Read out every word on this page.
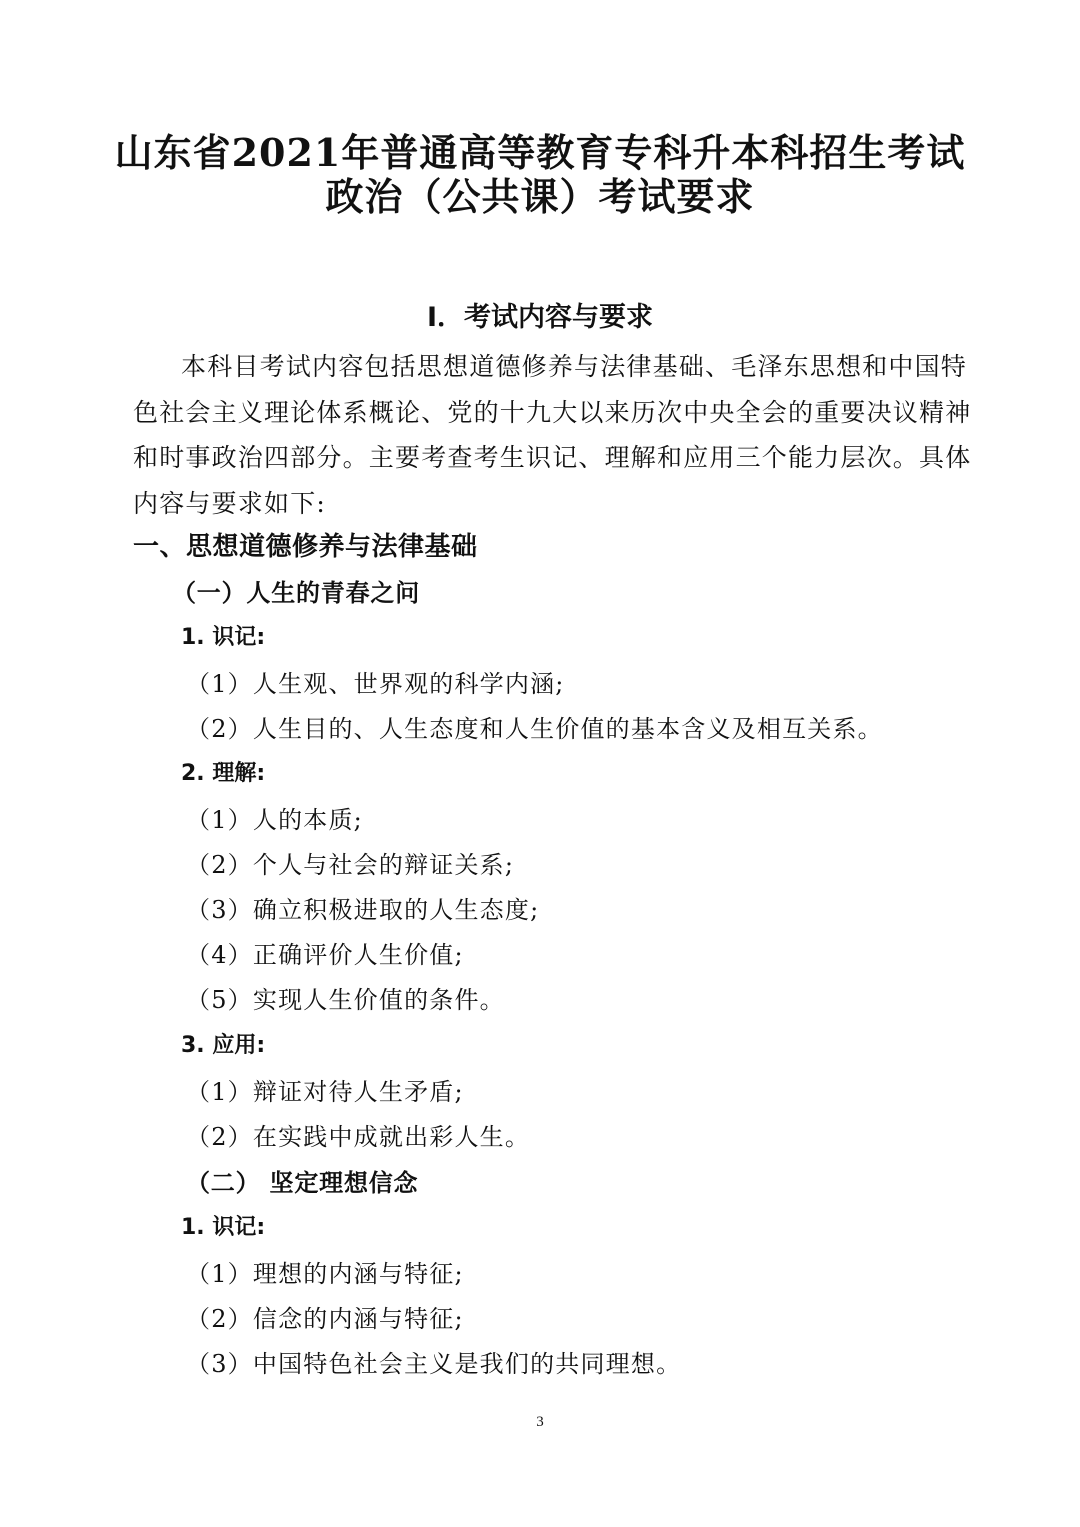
山东省2021年普通高等教育专科升本科招生考试
政治（公共课）考试要求
I．考试内容与要求
本科目考试内容包括思想道德修养与法律基础、毛泽东思想和中国特
色社会主义理论体系概论、党的十九大以来历次中央全会的重要决议精神
和时事政治四部分。主要考查考生识记、理解和应用三个能力层次。具体
内容与要求如下:
一、思想道德修养与法律基础
（一）人生的青春之问
1. 识记:
（1）人生观、世界观的科学内涵;
（2）人生目的、人生态度和人生价值的基本含义及相互关系。
2. 理解:
（1）人的本质;
（2）个人与社会的辩证关系;
（3）确立积极进取的人生态度;
（4）正确评价人生价值;
（5）实现人生价值的条件。
3. 应用:
（1）辩证对待人生矛盾;
（2）在实践中成就出彩人生。
（二） 坚定理想信念
1. 识记:
（1）理想的内涵与特征;
（2）信念的内涵与特征;
（3）中国特色社会主义是我们的共同理想。
3
